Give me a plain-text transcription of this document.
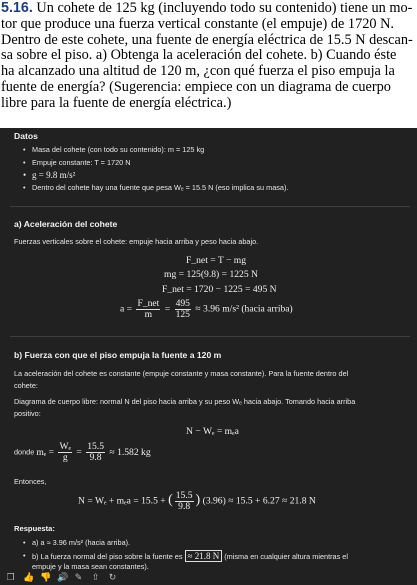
5.16. Un cohete de 125 kg (incluyendo todo su contenido) tiene un mo-
tor que produce una fuerza vertical constante (el empuje) de 1720 N.
Dentro de este cohete, una fuente de energía eléctrica de 15.5 N descan-
sa sobre el piso. a) Obtenga la aceleración del cohete. b) Cuando éste
ha alcanzado una altitud de 120 m, ¿con qué fuerza el piso empuja la
fuente de energía? (Sugerencia: empiece con un diagrama de cuerpo
libre para la fuente de energía eléctrica.)
Datos
• Masa del cohete (con todo su contenido): m = 125 kg
• Empuje constante: T = 1720 N
• g = 9.8 m/s²
• Dentro del cohete hay una fuente que pesa Wₑ = 15.5 N (eso implica su masa).
a) Aceleración del cohete
Fuerzas verticales sobre el cohete: empuje hacia arriba y peso hacia abajo.
F_net = T − mg
mg = 125(9.8) = 1225 N
F_net = 1720 − 1225 = 495 N
$a = \frac{\text{F\_net}}{m} = \frac{495}{125} \approx 3.96$ m/s² (hacia arriba)
b) Fuerza con que el piso empuja la fuente a 120 m
La aceleración del cohete es constante (empuje constante y masa constante). Para la fuente dentro del
cohete:
Diagrama de cuerpo libre: normal N del piso hacia arriba y su peso Wₑ hacia abajo. Tomando hacia arriba
positivo:
N − Wₑ = mₑa
donde $m_e = \frac{\text{Wₑ}}{g} = \frac{15.5}{9.8} \approx 1.582$ kg
Entonces,
N = Wₑ + mₑa = 15.5 + ( $\frac{15.5}{9.8}$ ) (3.96) ≈ 15.5 + 6.27 ≈ 21.8 N
Respuesta:
• a) a ≈ 3.96 m/s² (hacia arriba).
• b) La fuerza normal del piso sobre la fuente es ≈ 21.8 N (misma en cualquier altura mientras el
empuje y la masa sean constantes).
❐ 👍 👎 🔊 ✎ ⇧ ↻
